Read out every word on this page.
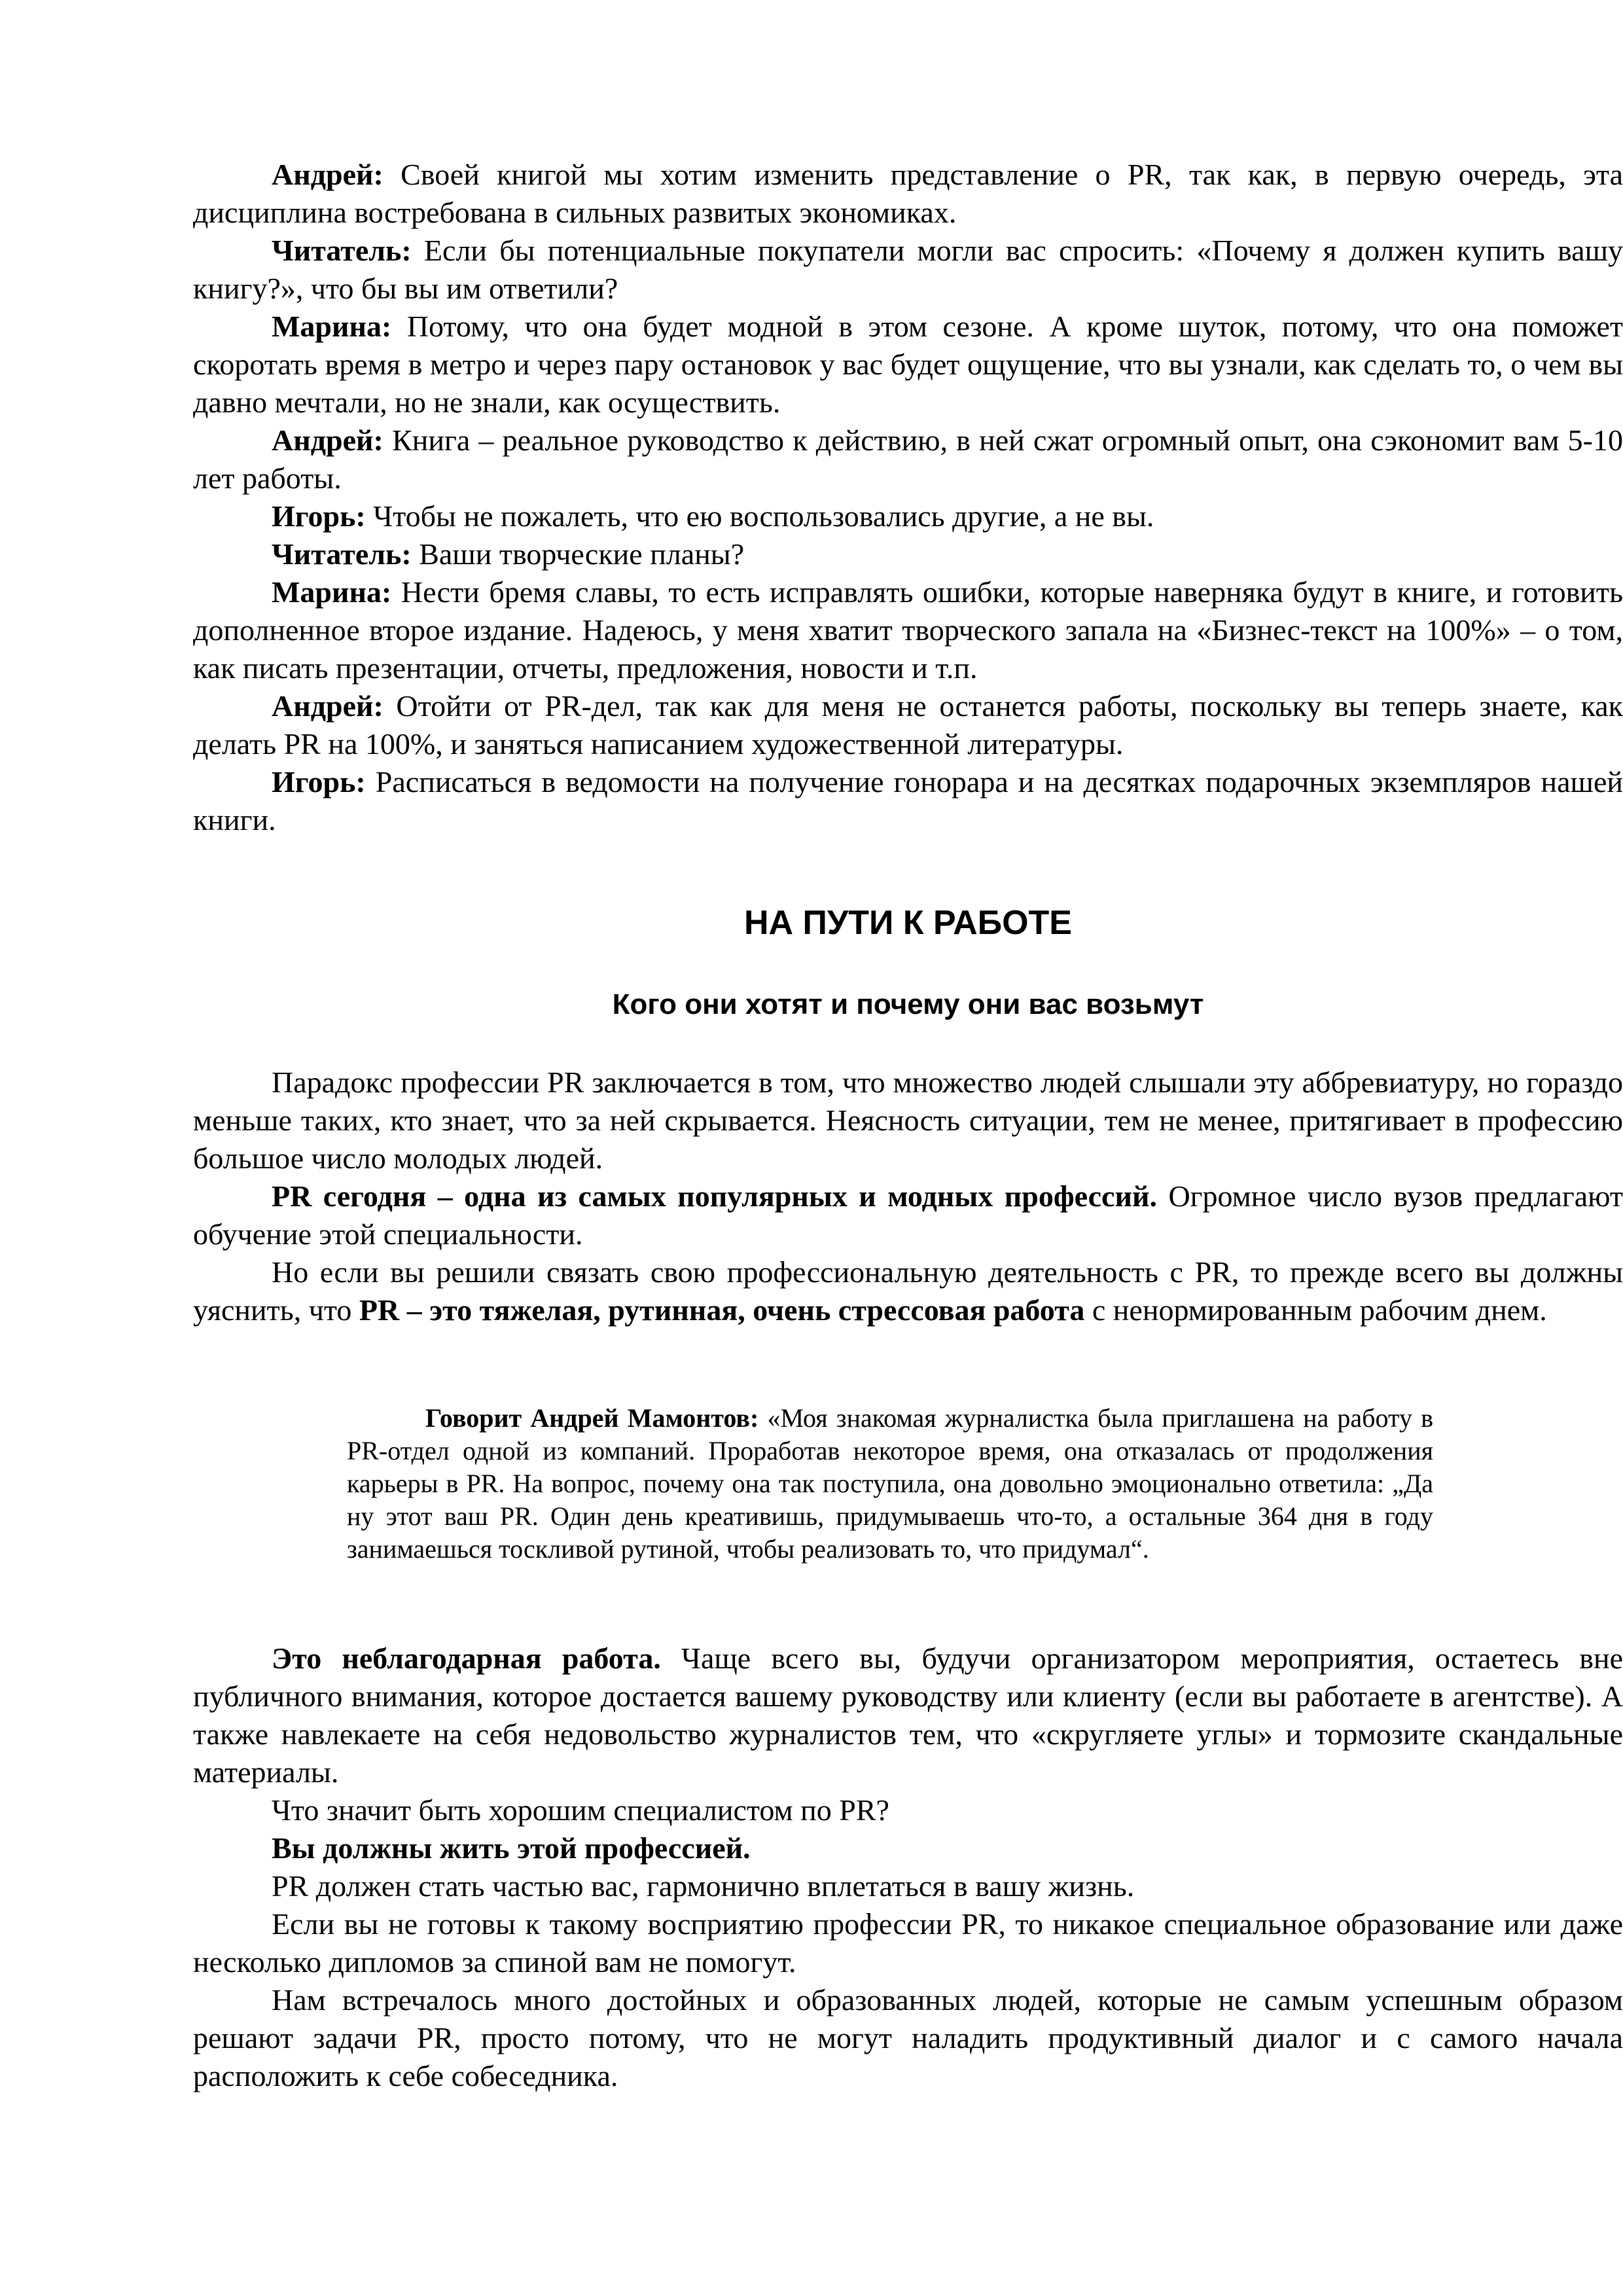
Андрей: Своей книгой мы хотим изменить представление о PR, так как, в первую очередь, эта дисциплина востребована в сильных развитых экономиках.

Читатель: Если бы потенциальные покупатели могли вас спросить: «Почему я должен купить вашу книгу?», что бы вы им ответили?

Марина: Потому, что она будет модной в этом сезоне. А кроме шуток, потому, что она поможет скоротать время в метро и через пару остановок у вас будет ощущение, что вы узнали, как сделать то, о чем вы давно мечтали, но не знали, как осуществить.

Андрей: Книга – реальное руководство к действию, в ней сжат огромный опыт, она сэкономит вам 5-10 лет работы.

Игорь: Чтобы не пожалеть, что ею воспользовались другие, а не вы.

Читатель: Ваши творческие планы?

Марина: Нести бремя славы, то есть исправлять ошибки, которые наверняка будут в книге, и готовить дополненное второе издание. Надеюсь, у меня хватит творческого запала на «Бизнес-текст на 100%» – о том, как писать презентации, отчеты, предложения, новости и т.п.

Андрей: Отойти от PR-дел, так как для меня не останется работы, поскольку вы теперь знаете, как делать PR на 100%, и заняться написанием художественной литературы.

Игорь: Расписаться в ведомости на получение гонорара и на десятках подарочных экземпляров нашей книги.

НА ПУТИ К РАБОТЕ
Кого они хотят и почему они вас возьмут

Парадокс профессии PR заключается в том, что множество людей слышали эту аббревиатуру, но гораздо меньше таких, кто знает, что за ней скрывается. Неясность ситуации, тем не менее, притягивает в профессию большое число молодых людей.

PR сегодня – одна из самых популярных и модных профессий. Огромное число вузов предлагают обучение этой специальности.

Но если вы решили связать свою профессиональную деятельность с PR, то прежде всего вы должны уяснить, что PR – это тяжелая, рутинная, очень стрессовая работа с ненормированным рабочим днем.

Говорит Андрей Мамонтов: «Моя знакомая журналистка была приглашена на работу в PR-отдел одной из компаний. Проработав некоторое время, она отказалась от продолжения карьеры в PR. На вопрос, почему она так поступила, она довольно эмоционально ответила: „Да ну этот ваш PR. Один день креативишь, придумываешь что-то, а остальные 364 дня в году занимаешься тоскливой рутиной, чтобы реализовать то, что придумал“.

Это неблагодарная работа. Чаще всего вы, будучи организатором мероприятия, остаетесь вне публичного внимания, которое достается вашему руководству или клиенту (если вы работаете в агентстве). А также навлекаете на себя недовольство журналистов тем, что «скругляете углы» и тормозите скандальные материалы.

Что значит быть хорошим специалистом по PR?

Вы должны жить этой профессией.

PR должен стать частью вас, гармонично вплетаться в вашу жизнь.

Если вы не готовы к такому восприятию профессии PR, то никакое специальное образование или даже несколько дипломов за спиной вам не помогут.

Нам встречалось много достойных и образованных людей, которые не самым успешным образом решают задачи PR, просто потому, что не могут наладить продуктивный диалог и с самого начала расположить к себе собеседника.
